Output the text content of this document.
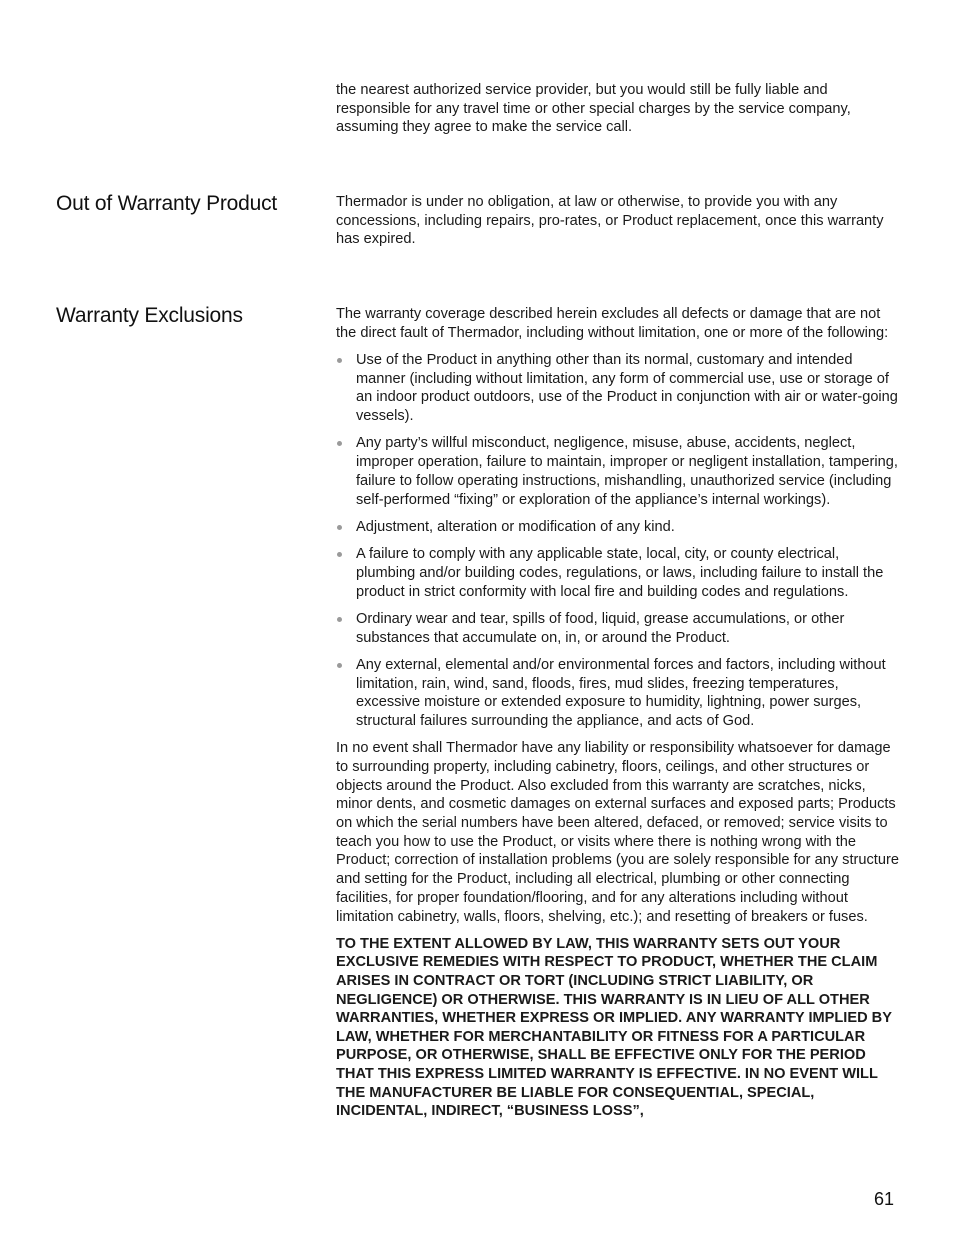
the nearest authorized service provider, but you would still be fully liable and responsible for any travel time or other special charges by the service company, assuming they agree to make the service call.

Out of Warranty Product	Thermador is under no obligation, at law or otherwise, to provide you with any concessions, including repairs, pro-rates, or Product replacement, once this warranty has expired.

Warranty Exclusions	The warranty coverage described herein excludes all defects or damage that are not the direct fault of Thermador, including without limitation, one or more of the following:

Use of the Product in anything other than its normal, customary and intended manner (including without limitation, any form of commercial use, use or storage of an indoor product outdoors, use of the Product in conjunction with air or water-going vessels).
Any party’s willful misconduct, negligence, misuse, abuse, accidents, neglect, improper operation, failure to maintain, improper or negligent installation, tampering, failure to follow operating instructions, mishandling, unauthorized service (including self-performed “fixing” or exploration of the appliance’s internal workings).
Adjustment, alteration or modification of any kind.
A failure to comply with any applicable state, local, city, or county electrical, plumbing and/or building codes, regulations, or laws, including failure to install the product in strict conformity with local fire and building codes and regulations.
Ordinary wear and tear, spills of food, liquid, grease accumulations, or other substances that accumulate on, in, or around the Product.
Any external, elemental and/or environmental forces and factors, including without limitation, rain, wind, sand, floods, fires, mud slides, freezing temperatures, excessive moisture or extended exposure to humidity, lightning, power surges, structural failures surrounding the appliance, and acts of God.

In no event shall Thermador have any liability or responsibility whatsoever for damage to surrounding property, including cabinetry, floors, ceilings, and other structures or objects around the Product. Also excluded from this warranty are scratches, nicks, minor dents, and cosmetic damages on external surfaces and exposed parts; Products on which the serial numbers have been altered, defaced, or removed; service visits to teach you how to use the Product, or visits where there is nothing wrong with the Product; correction of installation problems (you are solely responsible for any structure and setting for the Product, including all electrical, plumbing or other connecting facilities, for proper foundation/flooring, and for any alterations including without limitation cabinetry, walls, floors, shelving, etc.); and resetting of breakers or fuses.

TO THE EXTENT ALLOWED BY LAW, THIS WARRANTY SETS OUT YOUR EXCLUSIVE REMEDIES WITH RESPECT TO PRODUCT, WHETHER THE CLAIM ARISES IN CONTRACT OR TORT (INCLUDING STRICT LIABILITY, OR NEGLIGENCE) OR OTHERWISE. THIS WARRANTY IS IN LIEU OF ALL OTHER WARRANTIES, WHETHER EXPRESS OR IMPLIED. ANY WARRANTY IMPLIED BY LAW, WHETHER FOR MERCHANTABILITY OR FITNESS FOR A PARTICULAR PURPOSE, OR OTHERWISE, SHALL BE EFFECTIVE ONLY FOR THE PERIOD THAT THIS EXPRESS LIMITED WARRANTY IS EFFECTIVE. IN NO EVENT WILL THE MANUFACTURER BE LIABLE FOR CONSEQUENTIAL, SPECIAL, INCIDENTAL, INDIRECT, “BUSINESS LOSS”,

61
